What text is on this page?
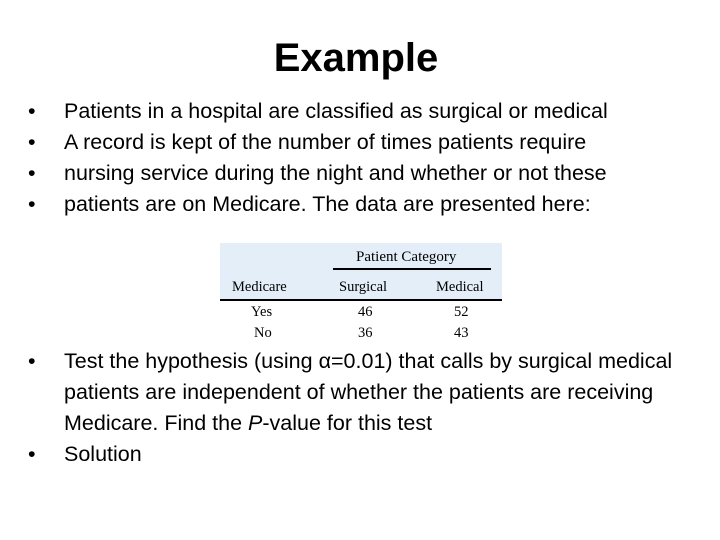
Example
• Patients in a hospital are classified as surgical or medical
• A record is kept of the number of times patients require
• nursing service during the night and whether or not these
• patients are on Medicare. The data are presented here:
Patient Category
Medicare	Surgical	Medical
Yes	46	52
No	36	43
• Test the hypothesis (using α=0.01) that calls by surgical medical patients are independent of whether the patients are receiving Medicare. Find the P-value for this test
• Solution
